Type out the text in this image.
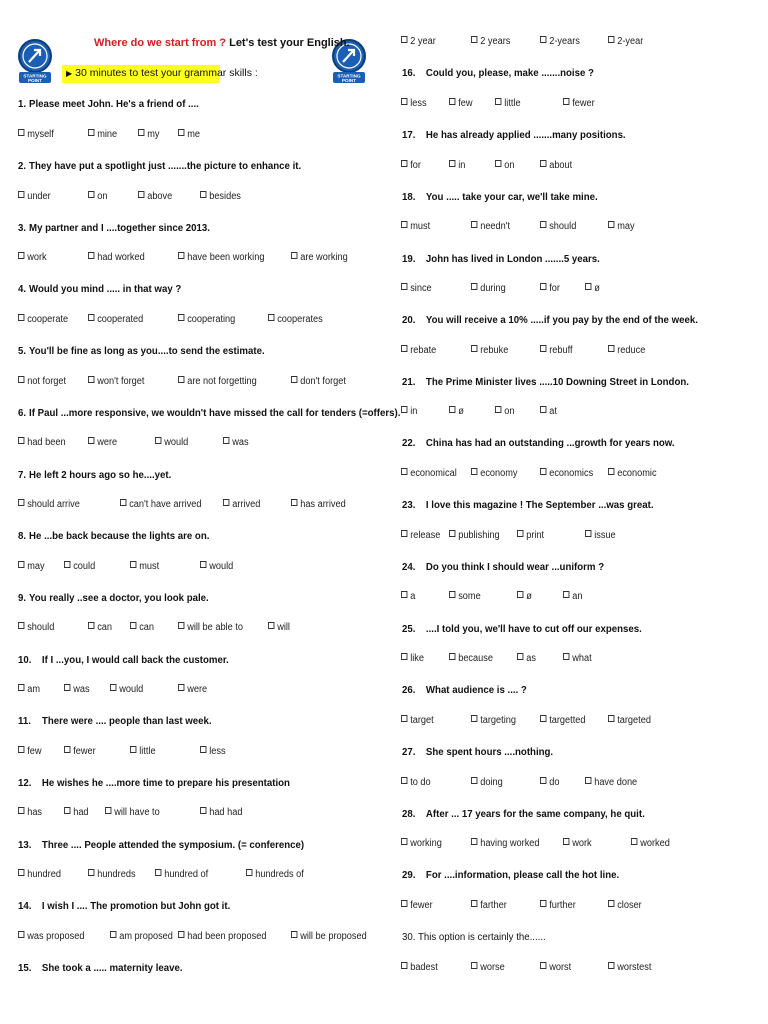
STARTING
POINT
STARTING
POINT
Where do we start from ? Let's test your English.
▶ 30 minutes to test your grammar skills :
1. Please meet John. He's a friend of ....
myself	mine	my	me
2. They have put a spotlight just .......the picture to enhance it.
under	on	above	besides
3. My partner and I ....together since 2013.
work	had worked	have been working	are working
4. Would you mind ..... in that way ?
cooperate	cooperated	cooperating	cooperates
5. You'll be fine as long as you....to send the estimate.
not forget	won't forget	are not forgetting	don't forget
6. If Paul ...more responsive, we wouldn't have missed the call for tenders (=offers).
had been	were	would	was
7. He left 2 hours ago so he....yet.
should arrive	can't have arrived	arrived	has arrived
8. He ...be back because the lights are on.
may	could	must	would
9. You really ..see a doctor, you look pale.
should	can	can	will be able to	will
10. If I ...you, I would call back the customer.
am	was	would	were
11. There were .... people than last week.
few	fewer	little	less
12. He wishes he ....more time to prepare his presentation
has	had	will have to	had had
13. Three .... People attended the symposium. (= conference)
hundred	hundreds	hundred of	hundreds of
14. I wish I .... The promotion but John got it.
was proposed	am proposed	had been proposed	will be proposed
15. She took a ..... maternity leave.
2 year	2 years	2-years	2-year
16. Could you, please, make .......noise ?
less	few	little	fewer
17. He has already applied .......many positions.
for	in	on	about
18. You ..... take your car, we'll take mine.
must	needn't	should	may
19. John has lived in London .......5 years.
since	during	for	ø
20. You will receive a 10% .....if you pay by the end of the week.
rebate	rebuke	rebuff	reduce
21. The Prime Minister lives .....10 Downing Street in London.
in	ø	on	at
22. China has had an outstanding ...growth for years now.
economical	economy	economics	economic
23. I love this magazine ! The September ...was great.
release	publishing	print	issue
24. Do you think I should wear ...uniform ?
a	some	ø	an
25. ....I told you, we'll have to cut off our expenses.
like	because	as	what
26. What audience is .... ?
target	targeting	targetted	targeted
27. She spent hours ....nothing.
to do	doing	do	have done
28. After ... 17 years for the same company, he quit.
working	having worked	work	worked
29. For ....information, please call the hot line.
fewer	farther	further	closer
30. This option is certainly the......
badest	worse	worst	worstest
